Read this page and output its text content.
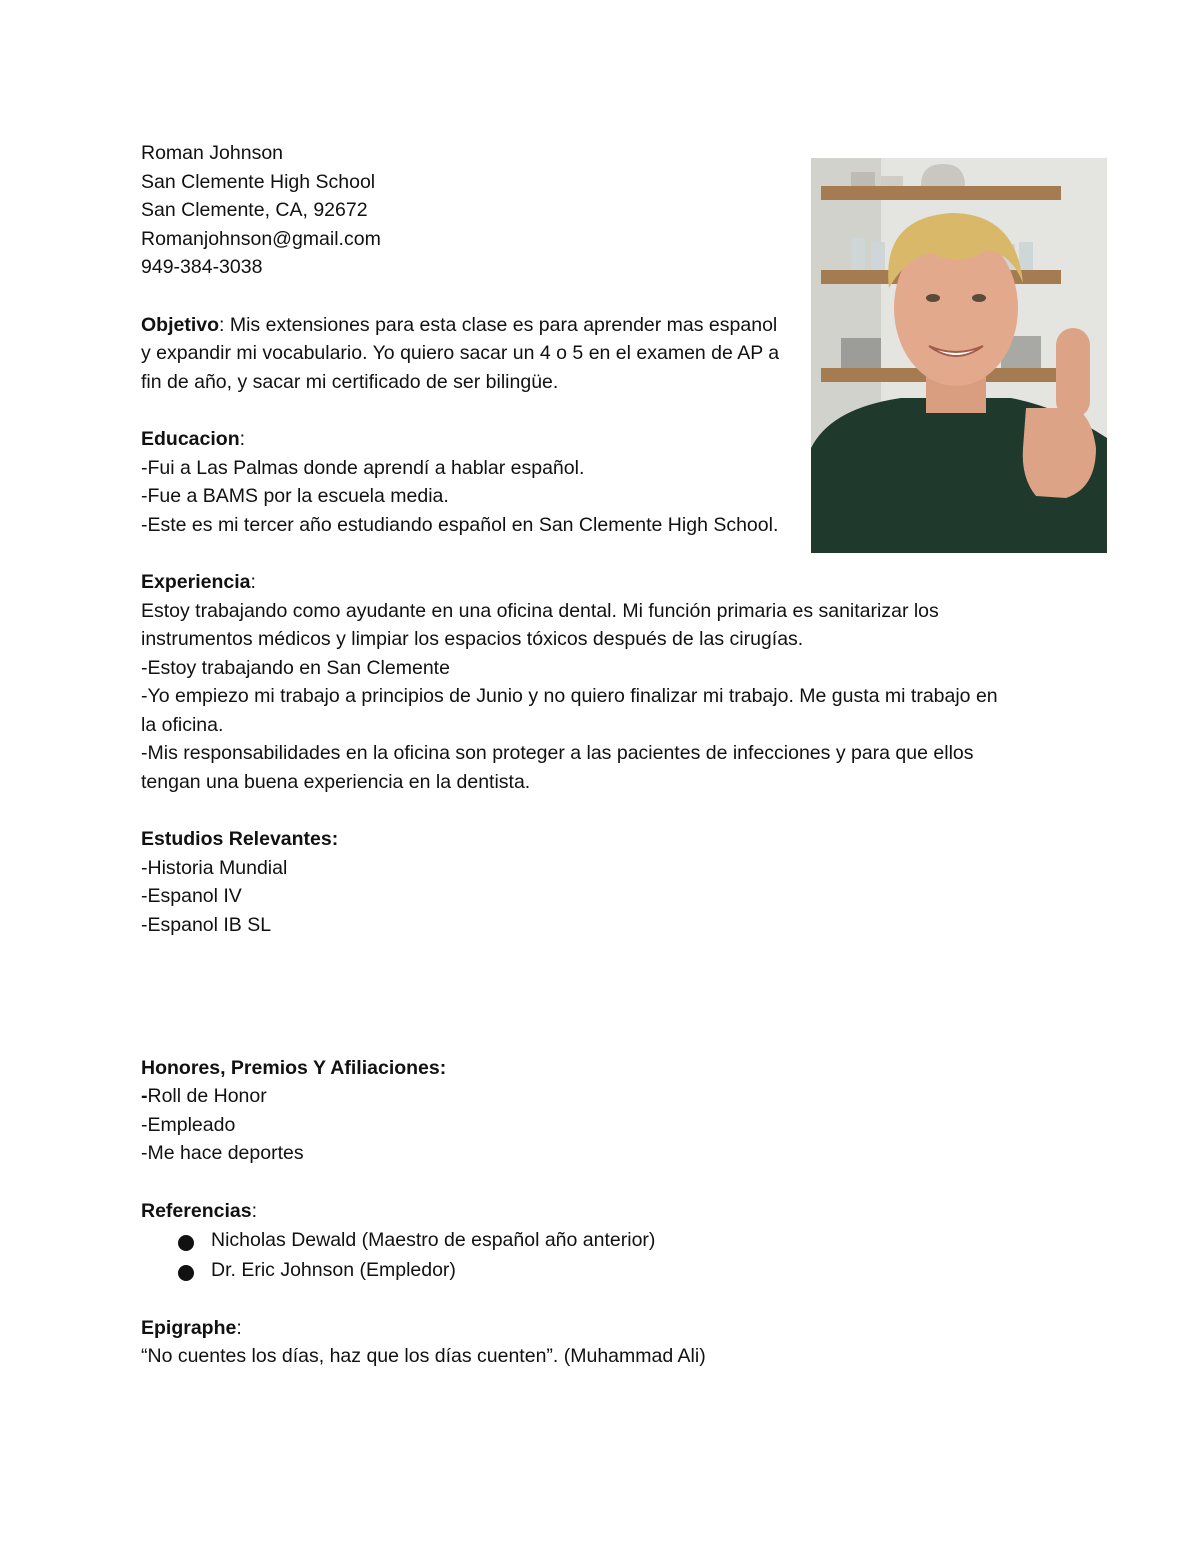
Roman Johnson

San Clemente High School

San Clemente, CA, 92672

Romanjohnson@gmail.com

949-384-3038

Objetivo: Mis extensiones para esta clase es para aprender mas espanol y expandir mi vocabulario. Yo quiero sacar un 4 o 5 en el examen de AP a fin de año, y sacar mi certificado de ser bilingüe.

Educacion:

-Fui a Las Palmas donde aprendí a hablar español.

-Fue a BAMS por la escuela media.

-Este es mi tercer año estudiando español en San Clemente High School.

Experiencia:

Estoy trabajando como ayudante en una oficina dental. Mi función primaria es sanitarizar los instrumentos médicos y limpiar los espacios tóxicos después de las cirugías.

-Estoy trabajando en San Clemente

-Yo empiezo mi trabajo a principios de Junio y no quiero finalizar mi trabajo. Me gusta mi trabajo en la oficina.

-Mis responsabilidades en la oficina son proteger a las pacientes de infecciones y para que ellos tengan una buena experiencia en la dentista.

Estudios Relevantes:

-Historia Mundial

-Espanol IV

-Espanol IB SL

Honores, Premios Y Afiliaciones:

-Roll de Honor

-Empleado

-Me hace deportes

Referencias:

Nicholas Dewald (Maestro de español año anterior)
Dr. Eric Johnson (Empledor)

Epigraphe:

“No cuentes los días, haz que los días cuenten”. (Muhammad Ali)
